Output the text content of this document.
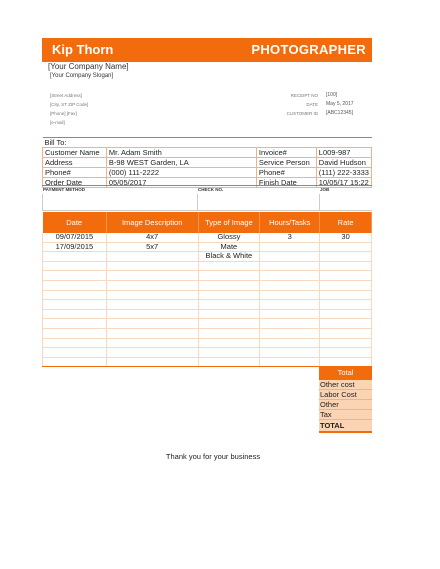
Kip Thorn	PHOTOGRAPHER
[Your Company Name]
[Your Company Slogan]
[Street Address]
[City, ST ZIP Code]
[Phone] [Fax]
[e-mail]
RECEIPT NO [100]
DATE May 5, 2017
CUSTOMER ID [ABC12345]
Bill To:			
Customer Name	Mr. Adam Smith	Invoice#	L009-987
Address	B-98 WEST Garden, LA	Service Person	David Hudson
Phone#	(000) 111-2222	Phone#	(111) 222-3333
Order Date	05/05/2017	Finish Date	10/05/17 15:22
PAYMENT METHOD	CHECK NO.	JOB
Date	Image Description	Type of Image	Hours/Tasks	Rate
09/07/2015	4x7	Glossy	3	30
17/09/2015	5x7	Mate		
		Black & White		

Total
Other cost
Labor Cost
Other
Tax
TOTAL
Thank you for your business
